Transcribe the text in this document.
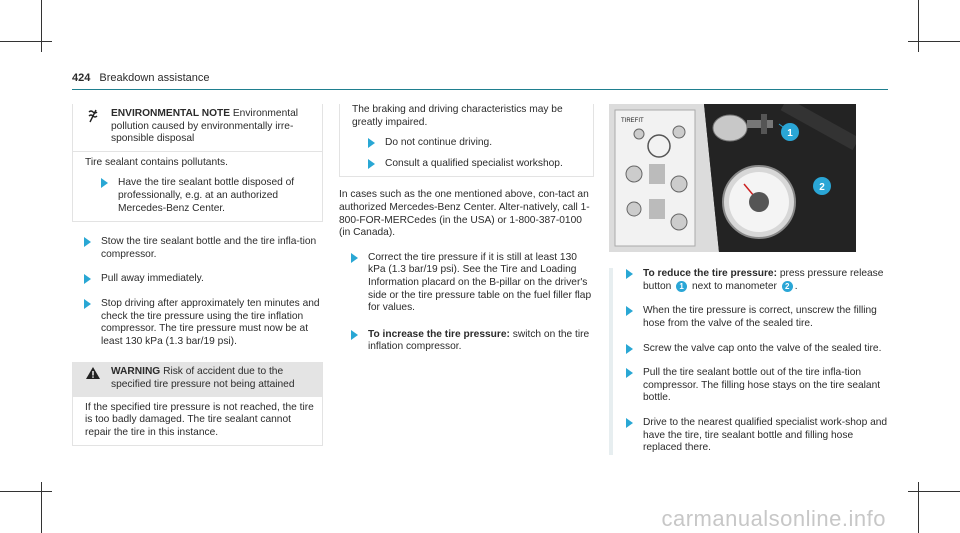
424 Breakdown assistance

ENVIRONMENTAL NOTE Environmental pollution caused by environmentally irre-sponsible disposal

Tire sealant contains pollutants.

Have the tire sealant bottle disposed of professionally, e.g. at an authorized Mercedes-Benz Center.
Stow the tire sealant bottle and the tire infla-tion compressor.
Pull away immediately.
Stop driving after approximately ten minutes and check the tire pressure using the tire inflation compressor. The tire pressure must now be at least 130 kPa (1.3 bar/19 psi).

WARNING Risk of accident due to the specified tire pressure not being attained

If the specified tire pressure is not reached, the tire is too badly damaged. The tire sealant cannot repair the tire in this instance.

The braking and driving characteristics may be greatly impaired.

Do not continue driving.
Consult a qualified specialist workshop.

In cases such as the one mentioned above, con-tact an authorized Mercedes-Benz Center. Alter-natively, call 1-800-FOR-MERCedes (in the USA) or 1-800-387-0100 (in Canada).

Correct the tire pressure if it is still at least 130 kPa (1.3 bar/19 psi). See the Tire and Loading Information placard on the B-pillar on the driver's side or the tire pressure table on the fuel filler flap for values.
To increase the tire pressure: switch on the tire inflation compressor.
TIREFIT
1
2
To reduce the tire pressure: press pressure release button 1 next to manometer 2 .
When the tire pressure is correct, unscrew the filling hose from the valve of the sealed tire.
Screw the valve cap onto the valve of the sealed tire.
Pull the tire sealant bottle out of the tire infla-tion compressor. The filling hose stays on the tire sealant bottle.
Drive to the nearest qualified specialist work-shop and have the tire, tire sealant bottle and filling hose replaced there.
carmanualsonline.info
